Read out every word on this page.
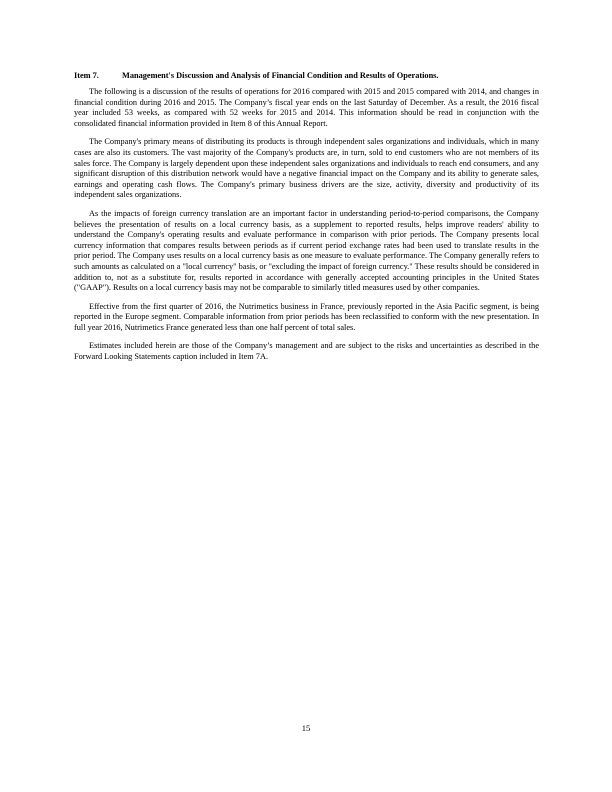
Item 7.	Management's Discussion and Analysis of Financial Condition and Results of Operations.

The following is a discussion of the results of operations for 2016 compared with 2015 and 2015 compared with 2014, and changes in financial condition during 2016 and 2015. The Company’s fiscal year ends on the last Saturday of December. As a result, the 2016 fiscal year included 53 weeks, as compared with 52 weeks for 2015 and 2014. This information should be read in conjunction with the consolidated financial information provided in Item 8 of this Annual Report.

The Company's primary means of distributing its products is through independent sales organizations and individuals, which in many cases are also its customers. The vast majority of the Company's products are, in turn, sold to end customers who are not members of its sales force. The Company is largely dependent upon these independent sales organizations and individuals to reach end consumers, and any significant disruption of this distribution network would have a negative financial impact on the Company and its ability to generate sales, earnings and operating cash flows. The Company's primary business drivers are the size, activity, diversity and productivity of its independent sales organizations.

As the impacts of foreign currency translation are an important factor in understanding period-to-period comparisons, the Company believes the presentation of results on a local currency basis, as a supplement to reported results, helps improve readers' ability to understand the Company's operating results and evaluate performance in comparison with prior periods. The Company presents local currency information that compares results between periods as if current period exchange rates had been used to translate results in the prior period. The Company uses results on a local currency basis as one measure to evaluate performance. The Company generally refers to such amounts as calculated on a "local currency" basis, or "excluding the impact of foreign currency." These results should be considered in addition to, not as a substitute for, results reported in accordance with generally accepted accounting principles in the United States ("GAAP"). Results on a local currency basis may not be comparable to similarly titled measures used by other companies.

Effective from the first quarter of 2016, the Nutrimetics business in France, previously reported in the Asia Pacific segment, is being reported in the Europe segment. Comparable information from prior periods has been reclassified to conform with the new presentation. In full year 2016, Nutrimetics France generated less than one half percent of total sales.

Estimates included herein are those of the Company’s management and are subject to the risks and uncertainties as described in the Forward Looking Statements caption included in Item 7A.

15
